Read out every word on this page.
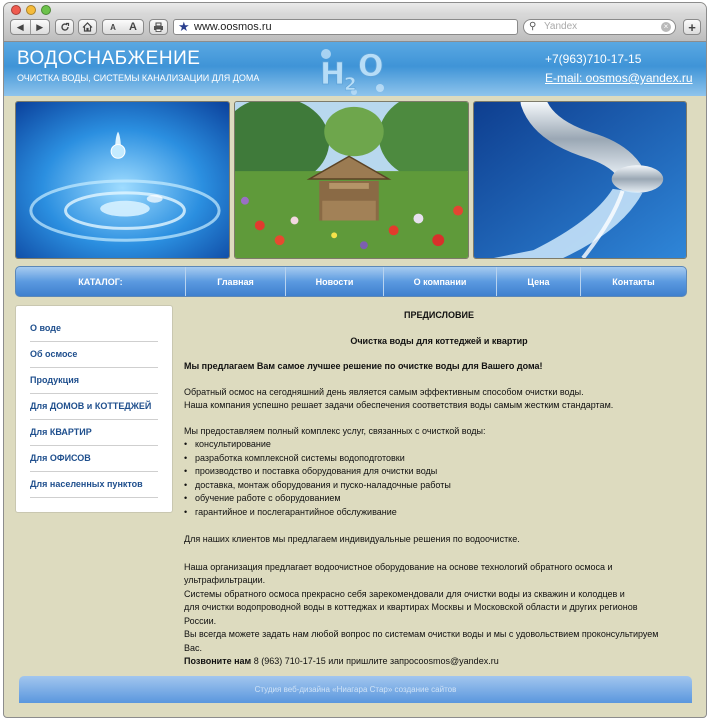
◀	▶	A	A	★ www.oosmos.ru	⚲ Yandex	×	+
ВОДОСНАБЖЕНИЕ
ОЧИСТКА ВОДЫ, СИСТЕМЫ КАНАЛИЗАЦИИ ДЛЯ ДОМА H
2
O	+7(963)710-17-15
E-mail: oosmos@yandex.ru
КАТАЛОГ:	Главная	Новости	О компании	Цена	Контакты
О воде
Об осмосе
Продукция
Для ДОМОВ и КОТТЕДЖЕЙ
Для КВАРТИР
Для ОФИСОВ
Для населенных пунктов

ПРЕДИСЛОВИЕ

Очистка воды для коттеджей и квартир

Мы предлагаем Вам самое лучшее решение по очистке воды для Вашего дома!

Обратный осмос на сегодняшний день является самым эффективным способом очистки воды.

Наша компания успешно решает задачи обеспечения соответствия воды самым жестким стандартам.

Мы предоставляем полный комплекс услуг, связанных с очисткой воды:

• консультирование
• разработка комплексной системы водоподготовки
• производство и поставка оборудования для очистки воды
• доставка, монтаж оборудования и пуско-наладочные работы
• обучение работе с оборудованием
• гарантийное и послегарантийное обслуживание

Для наших клиентов мы предлагаем индивидуальные решения по водоочистке.

Наша организация предлагает водоочистное оборудование на основе технологий обратного осмоса и

ультрафильтрации.

Системы обратного осмоса прекрасно себя зарекомендовали для очистки воды из скважин и колодцев и

для очистки водопроводной воды в коттеджах и квартирах Москвы и Московской области и других регионов

России.

Вы всегда можете задать нам любой вопрос по системам очистки воды и мы с удовольствием проконсультируем

Вас.

Позвоните нам 8 (963) 710-17-15 или пришлите запросoosmos@yandex.ru

Студия веб-дизайна «Ниагара Стар» создание сайтов
